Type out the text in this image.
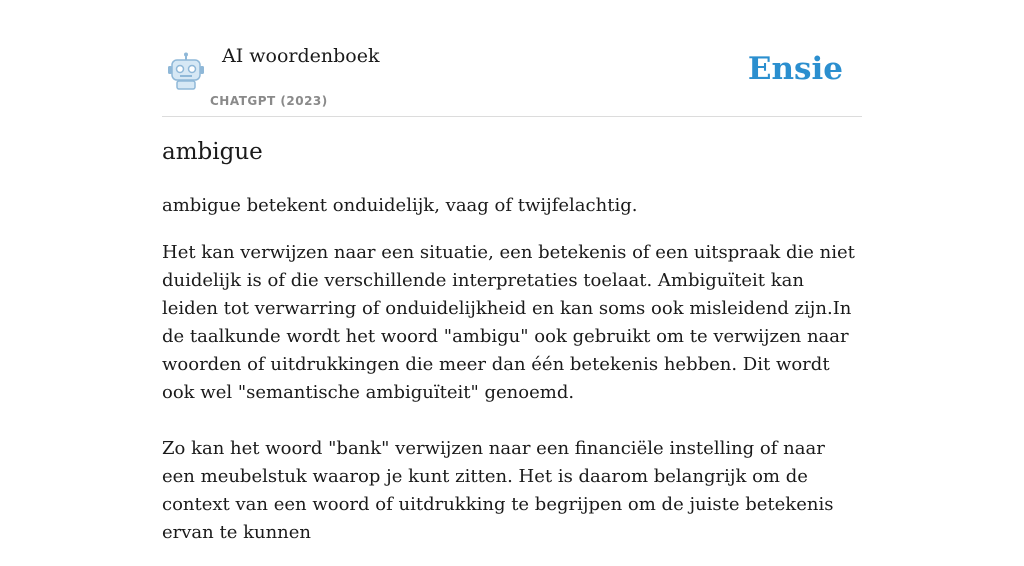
AI woordenboek
CHATGPT (2023)
Ensie
ambigue

ambigue betekent onduidelijk, vaag of twijfelachtig.

Het kan verwijzen naar een situatie, een betekenis of een uitspraak die niet duidelijk is of die verschillende interpretaties toelaat. Ambiguïteit kan leiden tot verwarring of onduidelijkheid en kan soms ook misleidend zijn.In de taalkunde wordt het woord "ambigu" ook gebruikt om te verwijzen naar woorden of uitdrukkingen die meer dan één betekenis hebben. Dit wordt ook wel "semantische ambiguïteit" genoemd.

Zo kan het woord "bank" verwijzen naar een financiële instelling of naar een meubelstuk waarop je kunt zitten. Het is daarom belangrijk om de context van een woord of uitdrukking te begrijpen om de juiste betekenis ervan te kunnen
